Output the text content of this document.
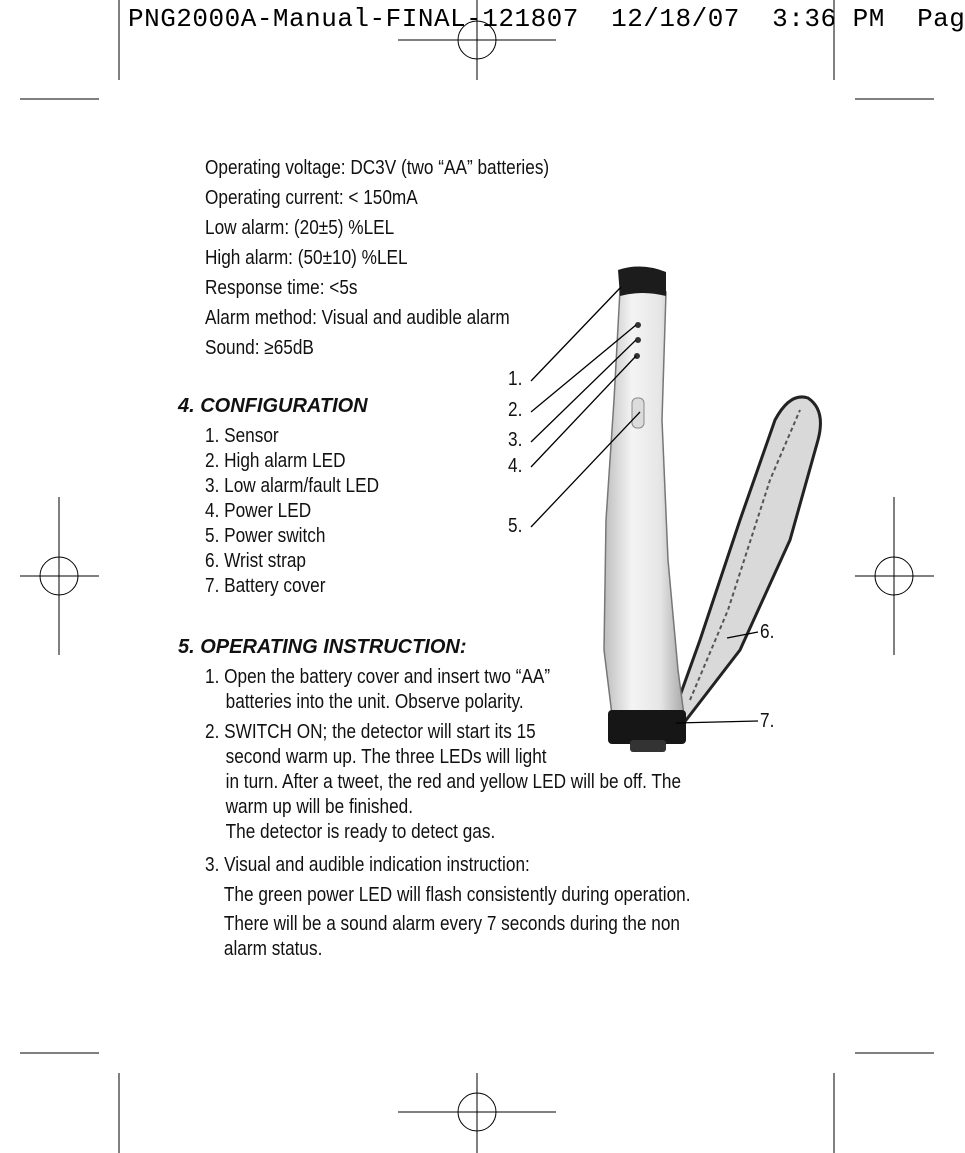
PNG2000A-Manual-FINAL-121807 12/18/07 3:36 PM Pag
Operating voltage: DC3V (two “AA” batteries)
Operating current: < 150mA
Low alarm: (20±5) %LEL
High alarm: (50±10) %LEL
Response time: <5s
Alarm method: Visual and audible alarm
Sound: ≥65dB
4. CONFIGURATION
1. Sensor
2. High alarm LED
3. Low alarm/fault LED
4. Power LED
5. Power switch
6. Wrist strap
7. Battery cover
1.
2.
3.
4.
5.
6.
7.
5. OPERATING INSTRUCTION:
1. Open the battery cover and insert two “AA”
batteries into the unit. Observe polarity.
2. SWITCH ON; the detector will start its 15
second warm up. The three LEDs will light
in turn. After a tweet, the red and yellow LED will be off. The
warm up will be finished.
The detector is ready to detect gas.
3. Visual and audible indication instruction:
The green power LED will flash consistently during operation.
There will be a sound alarm every 7 seconds during the non
alarm status.
